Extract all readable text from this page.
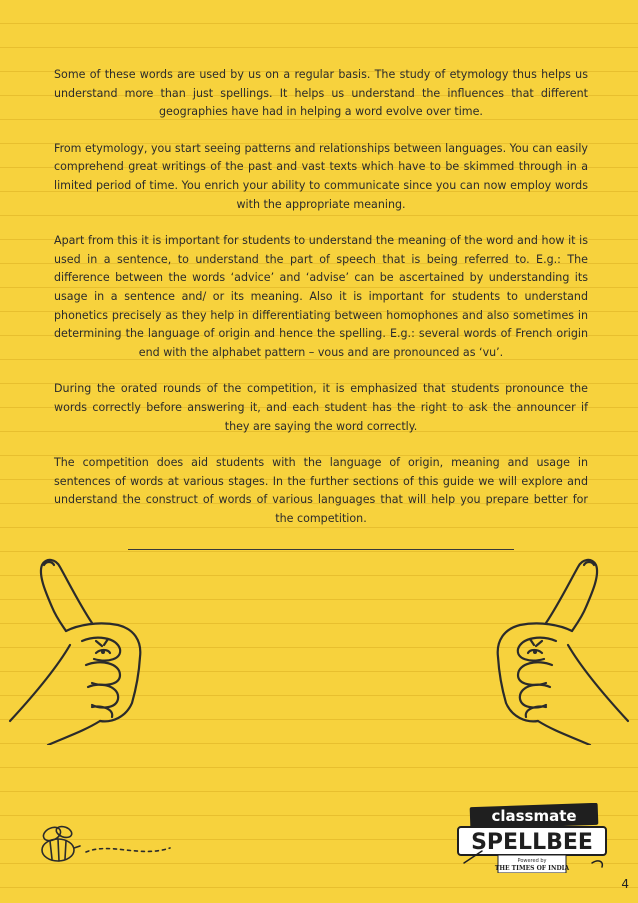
Some of these words are used by us on a regular basis. The study of etymology thus helps us understand more than just spellings. It helps us understand the influences that different geographies have had in helping a word evolve over time.

From etymology, you start seeing patterns and relationships between languages. You can easily comprehend great writings of the past and vast texts which have to be skimmed through in a limited period of time. You enrich your ability to communicate since you can now employ words with the appropriate meaning.

Apart from this it is important for students to understand the meaning of the word and how it is used in a sentence, to understand the part of speech that is being referred to. E.g.: The difference between the words ‘advice’ and ‘advise’ can be ascertained by understanding its usage in a sentence and/ or its meaning. Also it is important for students to understand phonetics precisely as they help in differentiating between homophones and also sometimes in determining the language of origin and hence the spelling. E.g.: several words of French origin end with the alphabet pattern – vous and are pronounced as ‘vu’.

During the orated rounds of the competition, it is emphasized that students pronounce the words correctly before answering it, and each student has the right to ask the announcer if they are saying the word correctly.

The competition does aid students with the language of origin, meaning and usage in sentences of words at various stages. In the further sections of this guide we will explore and understand the construct of words of various languages that will help you prepare better for the competition.

classmate
SPELLBEE
Powered by
THE TIMES OF INDIA
4
